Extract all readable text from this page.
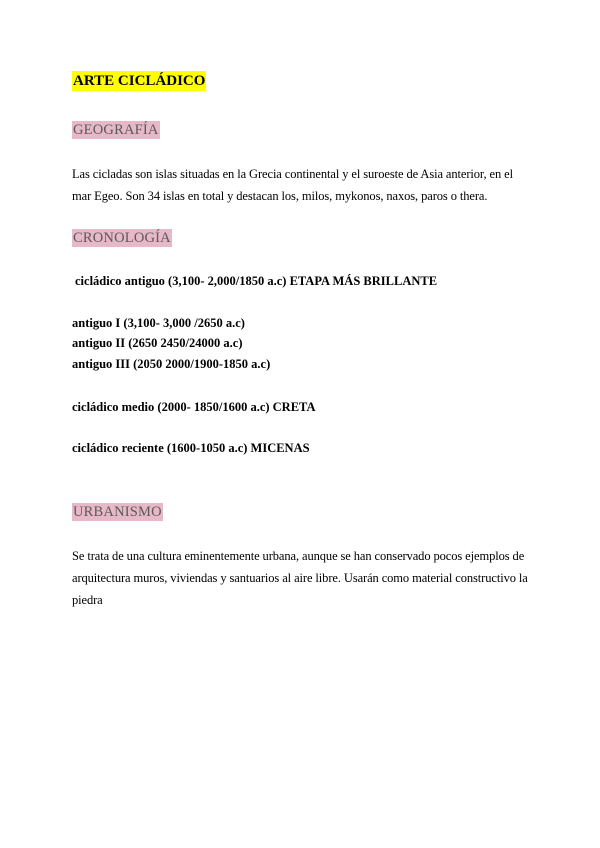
ARTE CICLÁDICO
GEOGRAFÍA
Las cicladas son islas situadas en la Grecia continental y el suroeste de Asia anterior, en el mar Egeo. Son 34 islas en total y destacan los, milos, mykonos, naxos, paros o thera.
CRONOLOGÍA
cicládico antiguo (3,100- 2,000/1850 a.c) ETAPA MÁS BRILLANTE
antiguo I (3,100- 3,000 /2650 a.c)
antiguo II (2650 2450/24000 a.c)
antiguo III (2050 2000/1900-1850 a.c)
cicládico medio (2000- 1850/1600 a.c) CRETA
cicládico reciente (1600-1050 a.c) MICENAS
URBANISMO
Se trata de una cultura eminentemente urbana, aunque se han conservado pocos ejemplos de arquitectura muros, viviendas y santuarios al aire libre. Usarán como material constructivo la piedra
